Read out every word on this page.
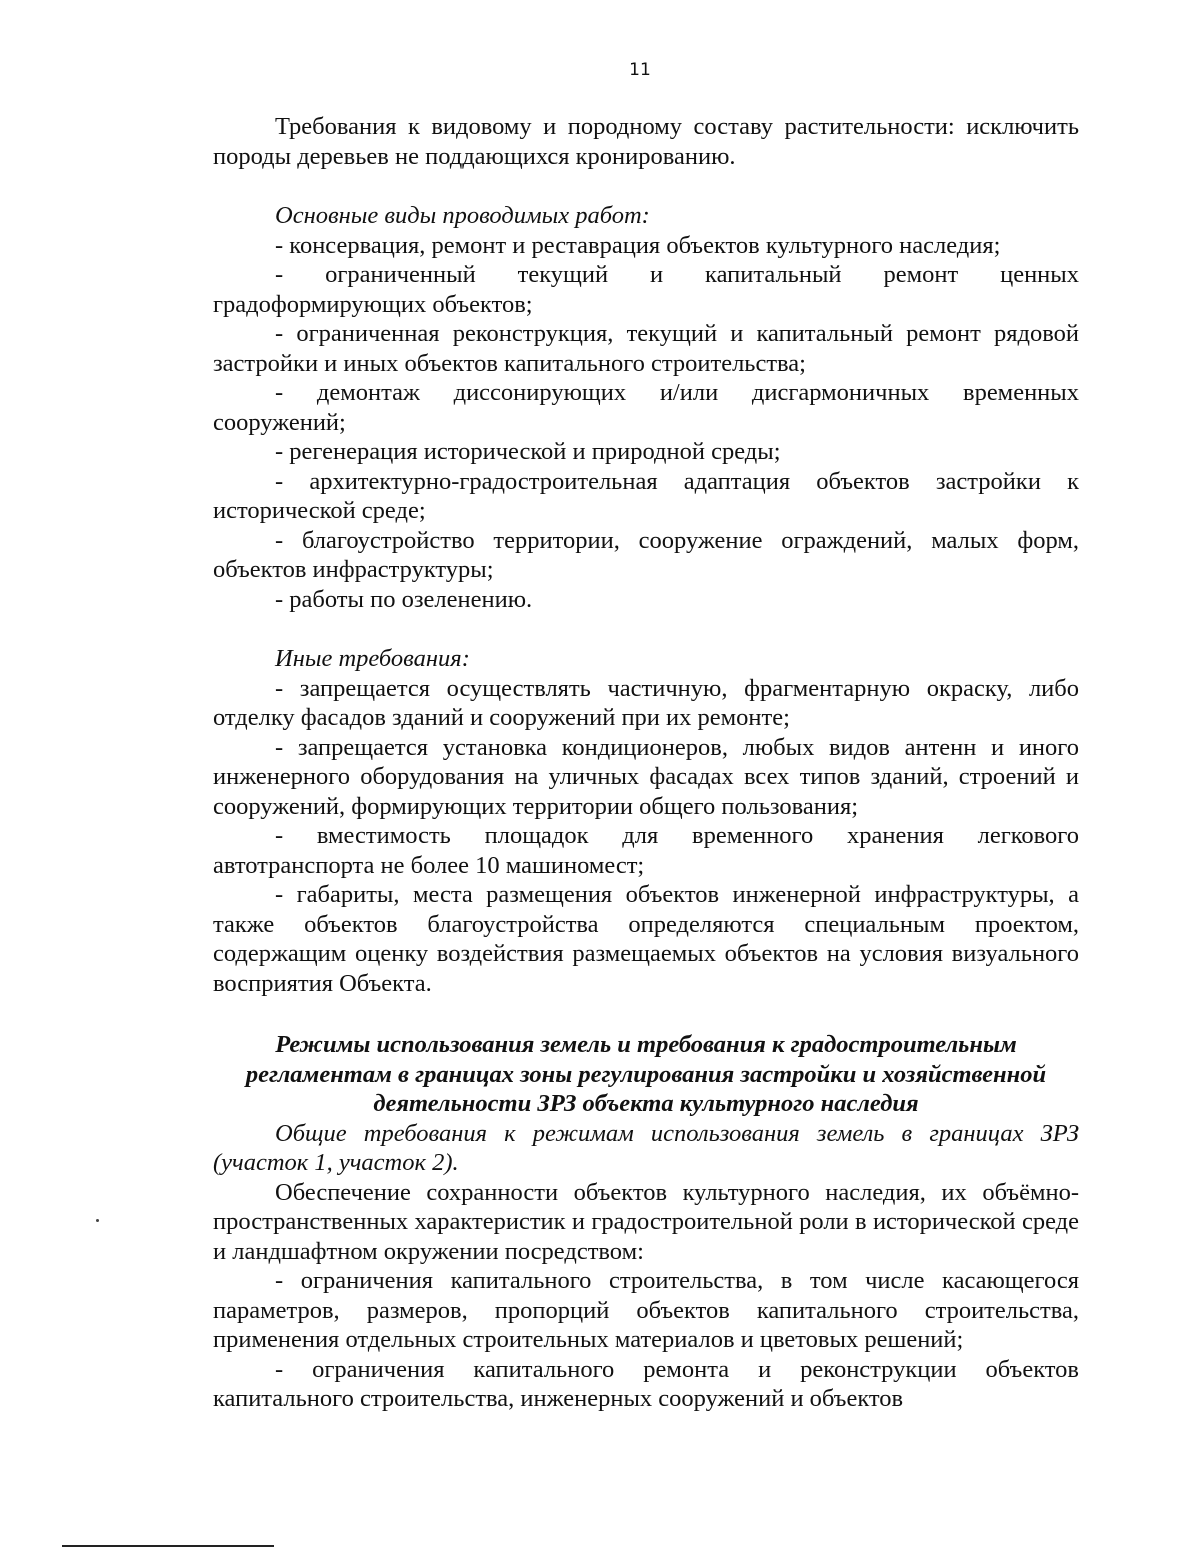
11

Требования к видовому и породному составу растительности: исключить породы деревьев не поддающихся кронированию.

Основные виды проводимых работ:

- консервация, ремонт и реставрация объектов культурного наследия;

- ограниченный текущий и капитальный ремонт ценных градоформирующих объектов;

- ограниченная реконструкция, текущий и капитальный ремонт рядовой застройки и иных объектов капитального строительства;

- демонтаж диссонирующих и/или дисгармоничных временных сооружений;

- регенерация исторической и природной среды;

- архитектурно-градостроительная адаптация объектов застройки к исторической среде;

- благоустройство территории, сооружение ограждений, малых форм, объектов инфраструктуры;

- работы по озеленению.

Иные требования:

- запрещается осуществлять частичную, фрагментарную окраску, либо отделку фасадов зданий и сооружений при их ремонте;

- запрещается установка кондиционеров, любых видов антенн и иного инженерного оборудования на уличных фасадах всех типов зданий, строений и сооружений, формирующих территории общего пользования;

- вместимость площадок для временного хранения легкового автотранспорта не более 10 машиномест;

- габариты, места размещения объектов инженерной инфраструктуры, а также объектов благоустройства определяются специальным проектом, содержащим оценку воздействия размещаемых объектов на условия визуального восприятия Объекта.

Режимы использования земель и требования к градостроительным
регламентам в границах зоны регулирования застройки и хозяйственной
деятельности ЗРЗ объекта культурного наследия

Общие требования к режимам использования земель в границах ЗРЗ (участок 1, участок 2).

Обеспечение сохранности объектов культурного наследия, их объёмно-пространственных характеристик и градостроительной роли в исторической среде и ландшафтном окружении посредством:

- ограничения капитального строительства, в том числе касающегося параметров, размеров, пропорций объектов капитального строительства, применения отдельных строительных материалов и цветовых решений;

- ограничения капитального ремонта и реконструкции объектов капитального строительства, инженерных сооружений и объектов
